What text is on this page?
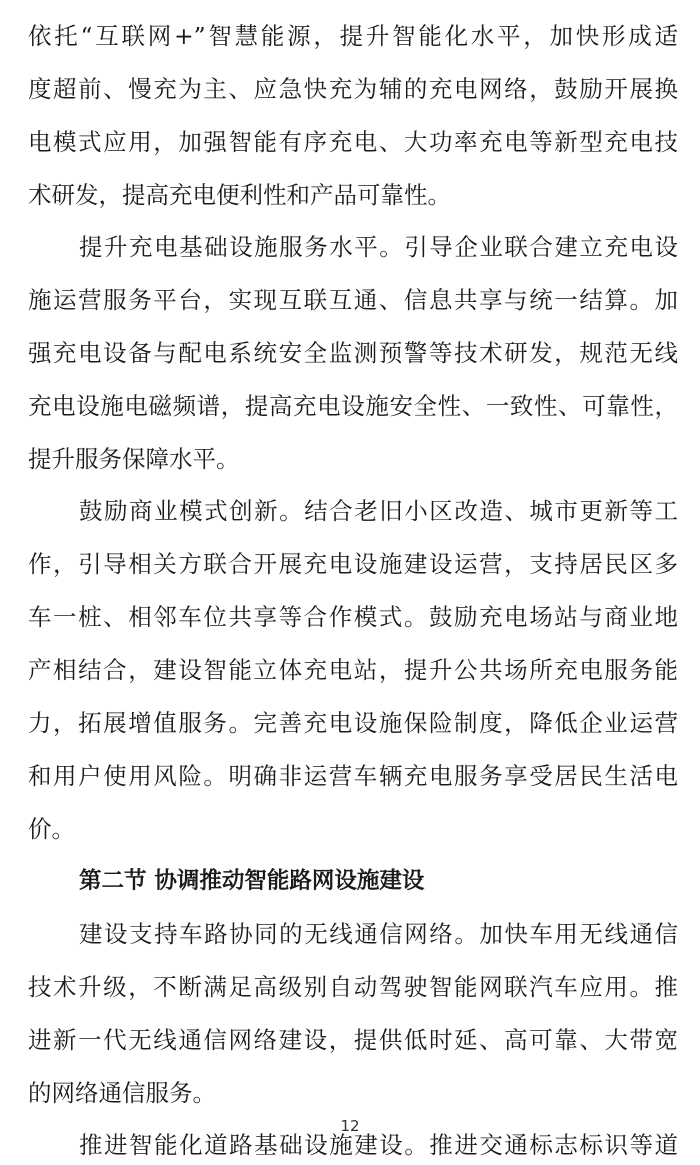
依托“互联网+”智慧能源，提升智能化水平，加快形成适
度超前、慢充为主、应急快充为辅的充电网络，鼓励开展换
电模式应用，加强智能有序充电、大功率充电等新型充电技
术研发，提高充电便利性和产品可靠性。
提升充电基础设施服务水平。引导企业联合建立充电设
施运营服务平台，实现互联互通、信息共享与统一结算。加
强充电设备与配电系统安全监测预警等技术研发，规范无线
充电设施电磁频谱，提高充电设施安全性、一致性、可靠性，
提升服务保障水平。
鼓励商业模式创新。结合老旧小区改造、城市更新等工
作，引导相关方联合开展充电设施建设运营，支持居民区多
车一桩、相邻车位共享等合作模式。鼓励充电场站与商业地
产相结合，建设智能立体充电站，提升公共场所充电服务能
力，拓展增值服务。完善充电设施保险制度，降低企业运营
和用户使用风险。明确非运营车辆充电服务享受居民生活电
价。
第二节 协调推动智能路网设施建设
建设支持车路协同的无线通信网络。加快车用无线通信
技术升级，不断满足高级别自动驾驶智能网联汽车应用。推
进新一代无线通信网络建设，提供低时延、高可靠、大带宽
的网络通信服务。
推进智能化道路基础设施建设。推进交通标志标识等道
12
